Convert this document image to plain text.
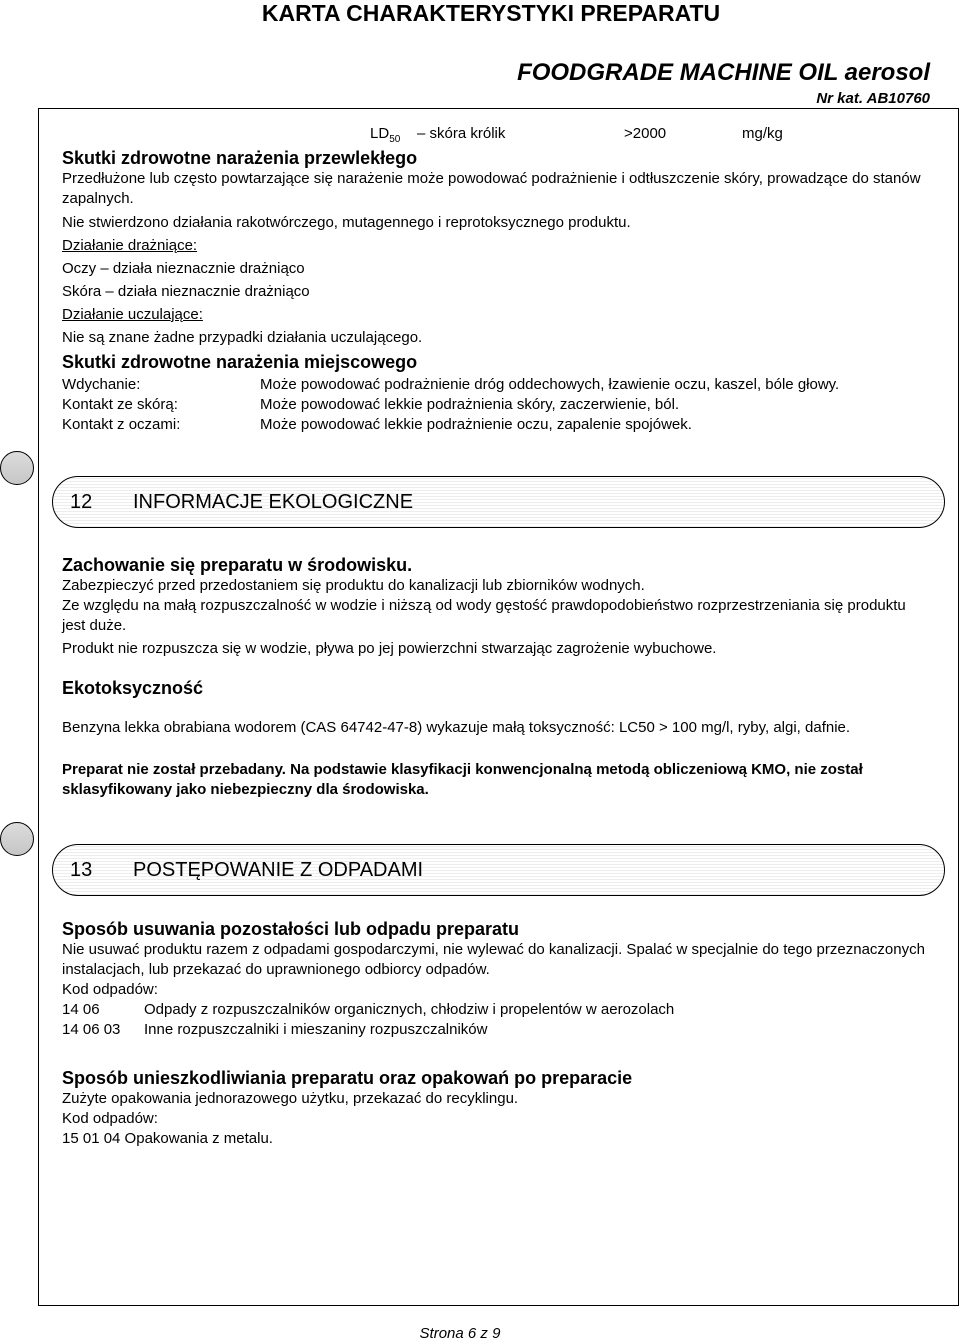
KARTA CHARAKTERYSTYKI PREPARATU
FOODGRADE MACHINE OIL aerosol
Nr kat. AB10760
$LD_{50}$ – skóra królik	>2000	mg/kg
Skutki zdrowotne narażenia przewlekłego
Przedłużone lub często powtarzające się narażenie może powodować podrażnienie i odtłuszczenie skóry, prowadzące do stanów zapalnych.
Nie stwierdzono działania rakotwórczego, mutagennego i reprotoksycznego produktu.
Działanie drażniące:
Oczy – działa nieznacznie drażniąco
Skóra – działa nieznacznie drażniąco
Działanie uczulające:
Nie są znane żadne przypadki działania uczulającego.
Skutki zdrowotne narażenia miejscowego
Wdychanie:	Może powodować podrażnienie dróg oddechowych, łzawienie oczu, kaszel, bóle głowy.
Kontakt ze skórą:	Może powodować lekkie podrażnienia skóry, zaczerwienie, ból.
Kontakt z oczami:	Może powodować lekkie podrażnienie oczu, zapalenie spojówek.
12 INFORMACJE EKOLOGICZNE
Zachowanie się preparatu w środowisku.
Zabezpieczyć przed przedostaniem się produktu do kanalizacji lub zbiorników wodnych.
Ze względu na małą rozpuszczalność w wodzie i niższą od wody gęstość prawdopodobieństwo rozprzestrzeniania się produktu jest duże.
Produkt nie rozpuszcza się w wodzie, pływa po jej powierzchni stwarzając zagrożenie wybuchowe.
Ekotoksyczność
Benzyna lekka obrabiana wodorem (CAS 64742-47-8) wykazuje małą toksyczność: LC50 > 100 mg/l, ryby, algi, dafnie.
Preparat nie został przebadany. Na podstawie klasyfikacji konwencjonalną metodą obliczeniową KMO, nie został sklasyfikowany jako niebezpieczny dla środowiska.
13 POSTĘPOWANIE Z ODPADAMI
Sposób usuwania pozostałości lub odpadu preparatu
Nie usuwać produktu razem z odpadami gospodarczymi, nie wylewać do kanalizacji. Spalać w specjalnie do tego przeznaczonych instalacjach, lub przekazać do uprawnionego odbiorcy odpadów.
Kod odpadów:
14 06	Odpady z rozpuszczalników organicznych, chłodziw i propelentów w aerozolach
14 06 03	Inne rozpuszczalniki i mieszaniny rozpuszczalników
Sposób unieszkodliwiania preparatu oraz opakowań po preparacie
Zużyte opakowania jednorazowego użytku, przekazać do recyklingu.
Kod odpadów:
15 01 04 Opakowania z metalu.
Strona 6 z 9
